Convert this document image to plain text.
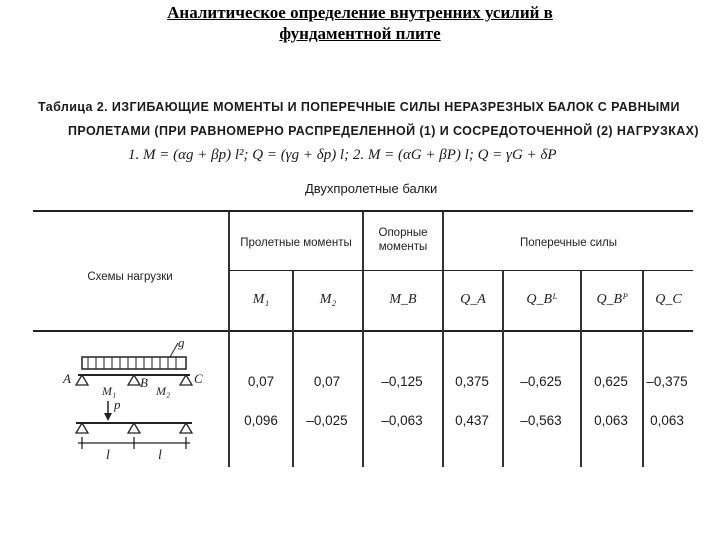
Аналитическое определение внутренних усилий в
фундаментной плите
Таблица 2. ИЗГИБАЮЩИЕ МОМЕНТЫ И ПОПЕРЕЧНЫЕ СИЛЫ НЕРАЗРЕЗНЫХ БАЛОК С РАВНЫМИ
ПРОЛЕТАМИ (ПРИ РАВНОМЕРНО РАСПРЕДЕЛЕННОЙ (1) И СОСРЕДОТОЧЕННОЙ (2) НАГРУЗКАХ)
1. M = (αg + βp) l²; Q = (γg + δp) l; 2. M = (αG + βP) l; Q = γG + δP
Двухпролетные балки
Схемы нагрузки
Пролетные моменты
Опорные
моменты	Поперечные силы
M₁	M₂	M_B	Q_A	Q_Bᴸ	Q_Bᴾ	Q_C
0,07	0,07	–0,125	0,375	–0,625	0,625	–0,375
0,096	–0,025	–0,063	0,437	–0,563	0,063	0,063
g
A
M₁
B
M₂
C
p
l	l
